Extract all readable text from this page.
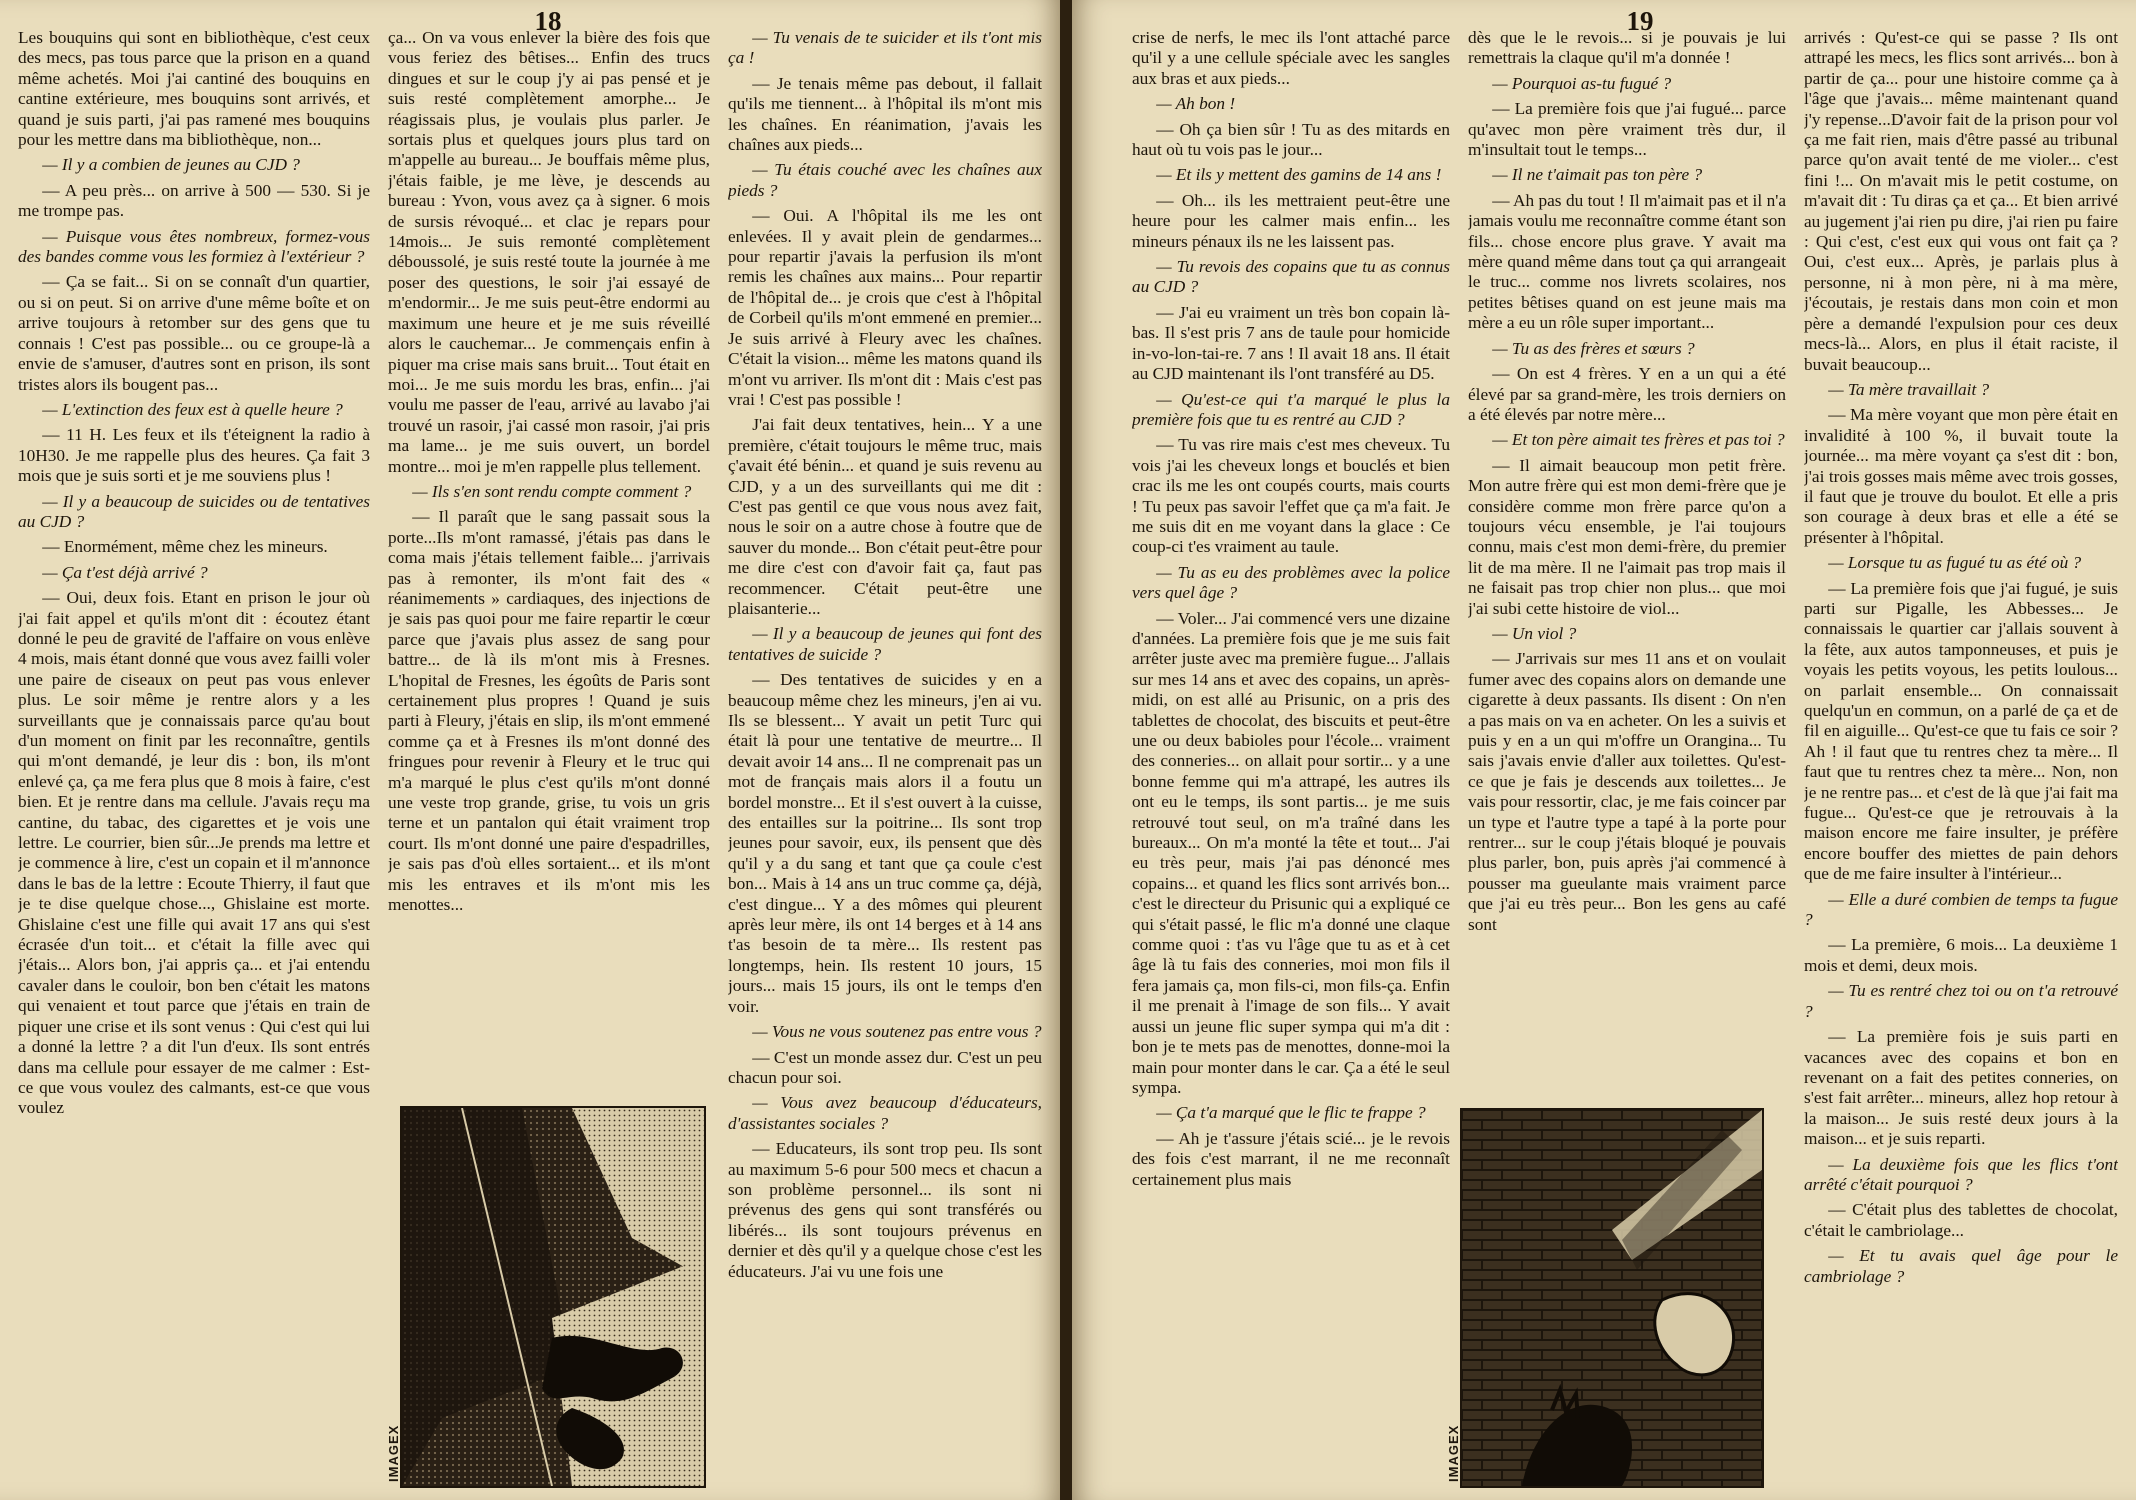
18

Les bouquins qui sont en bibliothèque, c'est ceux des mecs, pas tous parce que la prison en a quand même achetés. Moi j'ai cantiné des bouquins en cantine extérieure, mes bouquins sont arrivés, et quand je suis parti, j'ai pas ramené mes bouquins pour les mettre dans ma bibliothèque, non...

— Il y a combien de jeunes au CJD ?

— A peu près... on arrive à 500 — 530. Si je me trompe pas.

— Puisque vous êtes nombreux, formez-vous des bandes comme vous les formiez à l'extérieur ?

— Ça se fait... Si on se connaît d'un quartier, ou si on peut. Si on arrive d'une même boîte et on arrive toujours à retomber sur des gens que tu connais ! C'est pas possible... ou ce groupe-là a envie de s'amuser, d'autres sont en prison, ils sont tristes alors ils bougent pas...

— L'extinction des feux est à quelle heure ?

— 11 H. Les feux et ils t'éteignent la radio à 10H30. Je me rappelle plus des heures. Ça fait 3 mois que je suis sorti et je me souviens plus !

— Il y a beaucoup de suicides ou de tentatives au CJD ?

— Enormément, même chez les mineurs.

— Ça t'est déjà arrivé ?

— Oui, deux fois. Etant en prison le jour où j'ai fait appel et qu'ils m'ont dit : écoutez étant donné le peu de gravité de l'affaire on vous enlève 4 mois, mais étant donné que vous avez failli voler une paire de ciseaux on peut pas vous enlever plus. Le soir même je rentre alors y a les surveillants que je connaissais parce qu'au bout d'un moment on finit par les reconnaître, gentils qui m'ont demandé, je leur dis : bon, ils m'ont enlevé ça, ça me fera plus que 8 mois à faire, c'est bien. Et je rentre dans ma cellule. J'avais reçu ma cantine, du tabac, des cigarettes et je vois une lettre. Le courrier, bien sûr...Je prends ma lettre et je commence à lire, c'est un copain et il m'annonce dans le bas de la lettre : Ecoute Thierry, il faut que je te dise quelque chose..., Ghislaine est morte. Ghislaine c'est une fille qui avait 17 ans qui s'est écrasée d'un toit... et c'était la fille avec qui j'étais... Alors bon, j'ai appris ça... et j'ai entendu cavaler dans le couloir, bon ben c'était les matons qui venaient et tout parce que j'étais en train de piquer une crise et ils sont venus : Qui c'est qui lui a donné la lettre ? a dit l'un d'eux. Ils sont entrés dans ma cellule pour essayer de me calmer : Est-ce que vous voulez des calmants, est-ce que vous voulez

ça... On va vous enlever la bière des fois que vous feriez des bêtises... Enfin des trucs dingues et sur le coup j'y ai pas pensé et je suis resté complètement amorphe... Je réagissais plus, je voulais plus parler. Je sortais plus et quelques jours plus tard on m'appelle au bureau... Je bouffais même plus, j'étais faible, je me lève, je descends au bureau : Yvon, vous avez ça à signer. 6 mois de sursis révoqué... et clac je repars pour 14mois... Je suis remonté complètement déboussolé, je suis resté toute la journée à me poser des questions, le soir j'ai essayé de m'endormir... Je me suis peut-être endormi au maximum une heure et je me suis réveillé alors le cauchemar... Je commençais enfin à piquer ma crise mais sans bruit... Tout était en moi... Je me suis mordu les bras, enfin... j'ai voulu me passer de l'eau, arrivé au lavabo j'ai trouvé un rasoir, j'ai cassé mon rasoir, j'ai pris ma lame... je me suis ouvert, un bordel montre... moi je m'en rappelle plus tellement.

— Ils s'en sont rendu compte comment ?

— Il paraît que le sang passait sous la porte...Ils m'ont ramassé, j'étais pas dans le coma mais j'étais tellement faible... j'arrivais pas à remonter, ils m'ont fait des « réanimements » cardiaques, des injections de je sais pas quoi pour me faire repartir le cœur parce que j'avais plus assez de sang pour battre... de là ils m'ont mis à Fresnes. L'hopital de Fresnes, les égoûts de Paris sont certainement plus propres ! Quand je suis parti à Fleury, j'étais en slip, ils m'ont emmené comme ça et à Fresnes ils m'ont donné des fringues pour revenir à Fleury et le truc qui m'a marqué le plus c'est qu'ils m'ont donné une veste trop grande, grise, tu vois un gris terne et un pantalon qui était vraiment trop court. Ils m'ont donné une paire d'espadrilles, je sais pas d'où elles sortaient... et ils m'ont mis les entraves et ils m'ont mis les menottes...

— Tu venais de te suicider et ils t'ont mis ça !

— Je tenais même pas debout, il fallait qu'ils me tiennent... à l'hôpital ils m'ont mis les chaînes. En réanimation, j'avais les chaînes aux pieds...

— Tu étais couché avec les chaînes aux pieds ?

— Oui. A l'hôpital ils me les ont enlevées. Il y avait plein de gendarmes... pour repartir j'avais la perfusion ils m'ont remis les chaînes aux mains... Pour repartir de l'hôpital de... je crois que c'est à l'hôpital de Corbeil qu'ils m'ont emmené en premier... Je suis arrivé à Fleury avec les chaînes. C'était la vision... même les matons quand ils m'ont vu arriver. Ils m'ont dit : Mais c'est pas vrai ! C'est pas possible !

J'ai fait deux tentatives, hein... Y a une première, c'était toujours le même truc, mais ç'avait été bénin... et quand je suis revenu au CJD, y a un des surveillants qui me dit : C'est pas gentil ce que vous nous avez fait, nous le soir on a autre chose à foutre que de sauver du monde... Bon c'était peut-être pour me dire c'est con d'avoir fait ça, faut pas recommencer. C'était peut-être une plaisanterie...

— Il y a beaucoup de jeunes qui font des tentatives de suicide ?

— Des tentatives de suicides y en a beaucoup même chez les mineurs, j'en ai vu. Ils se blessent... Y avait un petit Turc qui était là pour une tentative de meurtre... Il devait avoir 14 ans... Il ne comprenait pas un mot de français mais alors il a foutu un bordel monstre... Et il s'est ouvert à la cuisse, des entailles sur la poitrine... Ils sont trop jeunes pour savoir, eux, ils pensent que dès qu'il y a du sang et tant que ça coule c'est bon... Mais à 14 ans un truc comme ça, déjà, c'est dingue... Y a des mômes qui pleurent après leur mère, ils ont 14 berges et à 14 ans t'as besoin de ta mère... Ils restent pas longtemps, hein. Ils restent 10 jours, 15 jours... mais 15 jours, ils ont le temps d'en voir.

— Vous ne vous soutenez pas entre vous ?

— C'est un monde assez dur. C'est un peu chacun pour soi.

— Vous avez beaucoup d'éducateurs, d'assistantes sociales ?

— Educateurs, ils sont trop peu. Ils sont au maximum 5-6 pour 500 mecs et chacun a son problème personnel... ils sont ni prévenus des gens qui sont transférés ou libérés... ils sont toujours prévenus en dernier et dès qu'il y a quelque chose c'est les éducateurs. J'ai vu une fois une

IMAGEX
19

crise de nerfs, le mec ils l'ont attaché parce qu'il y a une cellule spéciale avec les sangles aux bras et aux pieds...

— Ah bon !

— Oh ça bien sûr ! Tu as des mitards en haut où tu vois pas le jour...

— Et ils y mettent des gamins de 14 ans !

— Oh... ils les mettraient peut-être une heure pour les calmer mais enfin... les mineurs pénaux ils ne les laissent pas.

— Tu revois des copains que tu as connus au CJD ?

— J'ai eu vraiment un très bon copain là-bas. Il s'est pris 7 ans de taule pour homicide in-vo-lon-tai-re. 7 ans ! Il avait 18 ans. Il était au CJD maintenant ils l'ont transféré au D5.

— Qu'est-ce qui t'a marqué le plus la première fois que tu es rentré au CJD ?

— Tu vas rire mais c'est mes cheveux. Tu vois j'ai les cheveux longs et bouclés et bien crac ils me les ont coupés courts, mais courts ! Tu peux pas savoir l'effet que ça m'a fait. Je me suis dit en me voyant dans la glace : Ce coup-ci t'es vraiment au taule.

— Tu as eu des problèmes avec la police vers quel âge ?

— Voler... J'ai commencé vers une dizaine d'années. La première fois que je me suis fait arrêter juste avec ma première fugue... J'allais sur mes 14 ans et avec des copains, un après-midi, on est allé au Prisunic, on a pris des tablettes de chocolat, des biscuits et peut-être une ou deux babioles pour l'école... vraiment des conneries... on allait pour sortir... y a une bonne femme qui m'a attrapé, les autres ils ont eu le temps, ils sont partis... je me suis retrouvé tout seul, on m'a traîné dans les bureaux... On m'a monté la tête et tout... J'ai eu très peur, mais j'ai pas dénoncé mes copains... et quand les flics sont arrivés bon... c'est le directeur du Prisunic qui a expliqué ce qui s'était passé, le flic m'a donné une claque comme quoi : t'as vu l'âge que tu as et à cet âge là tu fais des conneries, moi mon fils il fera jamais ça, mon fils-ci, mon fils-ça. Enfin il me prenait à l'image de son fils... Y avait aussi un jeune flic super sympa qui m'a dit : bon je te mets pas de menottes, donne-moi la main pour monter dans le car. Ça a été le seul sympa.

— Ça t'a marqué que le flic te frappe ?

— Ah je t'assure j'étais scié... je le revois des fois c'est marrant, il ne me reconnaît certainement plus mais

dès que le le revois... si je pouvais je lui remettrais la claque qu'il m'a donnée !

— Pourquoi as-tu fugué ?

— La première fois que j'ai fugué... parce qu'avec mon père vraiment très dur, il m'insultait tout le temps...

— Il ne t'aimait pas ton père ?

— Ah pas du tout ! Il m'aimait pas et il n'a jamais voulu me reconnaître comme étant son fils... chose encore plus grave. Y avait ma mère quand même dans tout ça qui arrangeait le truc... comme nos livrets scolaires, nos petites bêtises quand on est jeune mais ma mère a eu un rôle super important...

— Tu as des frères et sœurs ?

— On est 4 frères. Y en a un qui a été élevé par sa grand-mère, les trois derniers on a été élevés par notre mère...

— Et ton père aimait tes frères et pas toi ?

— Il aimait beaucoup mon petit frère. Mon autre frère qui est mon demi-frère que je considère comme mon frère parce qu'on a toujours vécu ensemble, je l'ai toujours connu, mais c'est mon demi-frère, du premier lit de ma mère. Il ne l'aimait pas trop mais il ne faisait pas trop chier non plus... que moi j'ai subi cette histoire de viol...

— Un viol ?

— J'arrivais sur mes 11 ans et on voulait fumer avec des copains alors on demande une cigarette à deux passants. Ils disent : On n'en a pas mais on va en acheter. On les a suivis et puis y en a un qui m'offre un Orangina... Tu sais j'avais envie d'aller aux toilettes. Qu'est-ce que je fais je descends aux toilettes... Je vais pour ressortir, clac, je me fais coincer par un type et l'autre type a tapé à la porte pour rentrer... sur le coup j'étais bloqué je pouvais plus parler, bon, puis après j'ai commencé à pousser ma gueulante mais vraiment parce que j'ai eu très peur... Bon les gens au café sont

arrivés : Qu'est-ce qui se passe ? Ils ont attrapé les mecs, les flics sont arrivés... bon à partir de ça... pour une histoire comme ça à l'âge que j'avais... même maintenant quand j'y repense...D'avoir fait de la prison pour vol ça me fait rien, mais d'être passé au tribunal parce qu'on avait tenté de me violer... c'est fini !... On m'avait mis le petit costume, on m'avait dit : Tu diras ça et ça... Et bien arrivé au jugement j'ai rien pu dire, j'ai rien pu faire : Qui c'est, c'est eux qui vous ont fait ça ? Oui, c'est eux... Après, je parlais plus à personne, ni à mon père, ni à ma mère, j'écoutais, je restais dans mon coin et mon père a demandé l'expulsion pour ces deux mecs-là... Alors, en plus il était raciste, il buvait beaucoup...

— Ta mère travaillait ?

— Ma mère voyant que mon père était en invalidité à 100 %, il buvait toute la journée... ma mère voyant ça s'est dit : bon, j'ai trois gosses mais même avec trois gosses, il faut que je trouve du boulot. Et elle a pris son courage à deux bras et elle a été se présenter à l'hôpital.

— Lorsque tu as fugué tu as été où ?

— La première fois que j'ai fugué, je suis parti sur Pigalle, les Abbesses... Je connaissais le quartier car j'allais souvent à la fête, aux autos tamponneuses, et puis je voyais les petits voyous, les petits loulous... on parlait ensemble... On connaissait quelqu'un en commun, on a parlé de ça et de fil en aiguille... Qu'est-ce que tu fais ce soir ? Ah ! il faut que tu rentres chez ta mère... Il faut que tu rentres chez ta mère... Non, non je ne rentre pas... et c'est de là que j'ai fait ma fugue... Qu'est-ce que je retrouvais à la maison encore me faire insulter, je préfère encore bouffer des miettes de pain dehors que de me faire insulter à l'intérieur...

— Elle a duré combien de temps ta fugue ?

— La première, 6 mois... La deuxième 1 mois et demi, deux mois.

— Tu es rentré chez toi ou on t'a retrouvé ?

— La première fois je suis parti en vacances avec des copains et bon en revenant on a fait des petites conneries, on s'est fait arrêter... mineurs, allez hop retour à la maison... Je suis resté deux jours à la maison... et je suis reparti.

— La deuxième fois que les flics t'ont arrêté c'était pourquoi ?

— C'était plus des tablettes de chocolat, c'était le cambriolage...

— Et tu avais quel âge pour le cambriolage ?

IMAGEX
